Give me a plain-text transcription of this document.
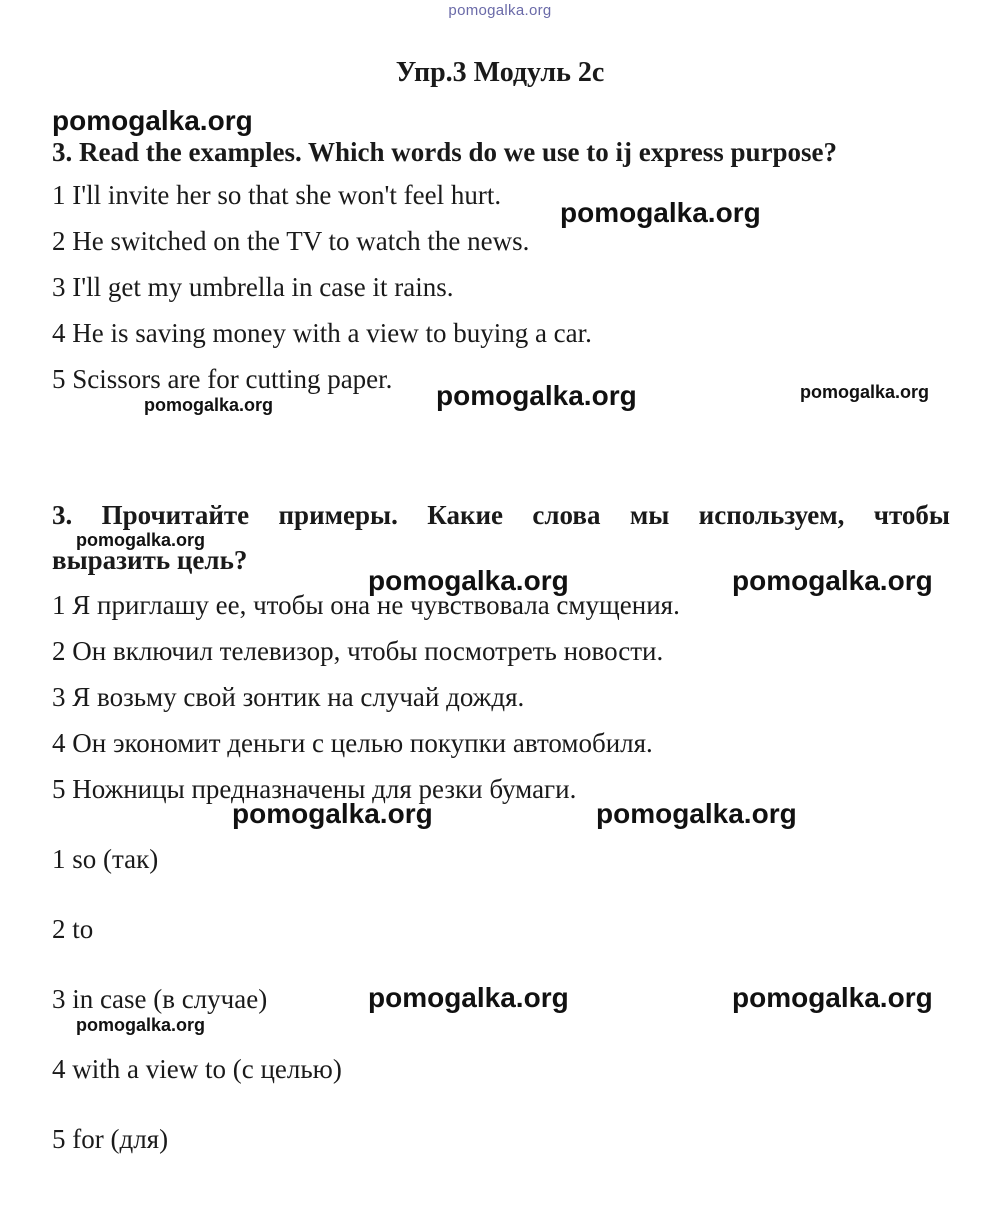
pomogalka.org
Упр.3 Модуль 2с
pomogalka.org
3. Read the examples. Which words do we use to ij express purpose?
1 I'll invite her so that she won't feel hurt.
2 He switched on the TV to watch the news.
3 I'll get my umbrella in case it rains.
4 He is saving money with a view to buying a car.
5 Scissors are for cutting paper.
pomogalka.org
pomogalka.org	pomogalka.org	pomogalka.org
3. Прочитайте примеры. Какие слова мы используем, чтобы
pomogalka.org
выразить цель?
pomogalka.org	pomogalka.org
1 Я приглашу ее, чтобы она не чувствовала смущения.
2 Он включил телевизор, чтобы посмотреть новости.
3 Я возьму свой зонтик на случай дождя.
4 Он экономит деньги с целью покупки автомобиля.
5 Ножницы предназначены для резки бумаги.
pomogalka.org	pomogalka.org
1 so (так)
2 to
3 in case (в случае)	pomogalka.org	pomogalka.org
pomogalka.org
4 with a view to (с целью)
5 for (для)
